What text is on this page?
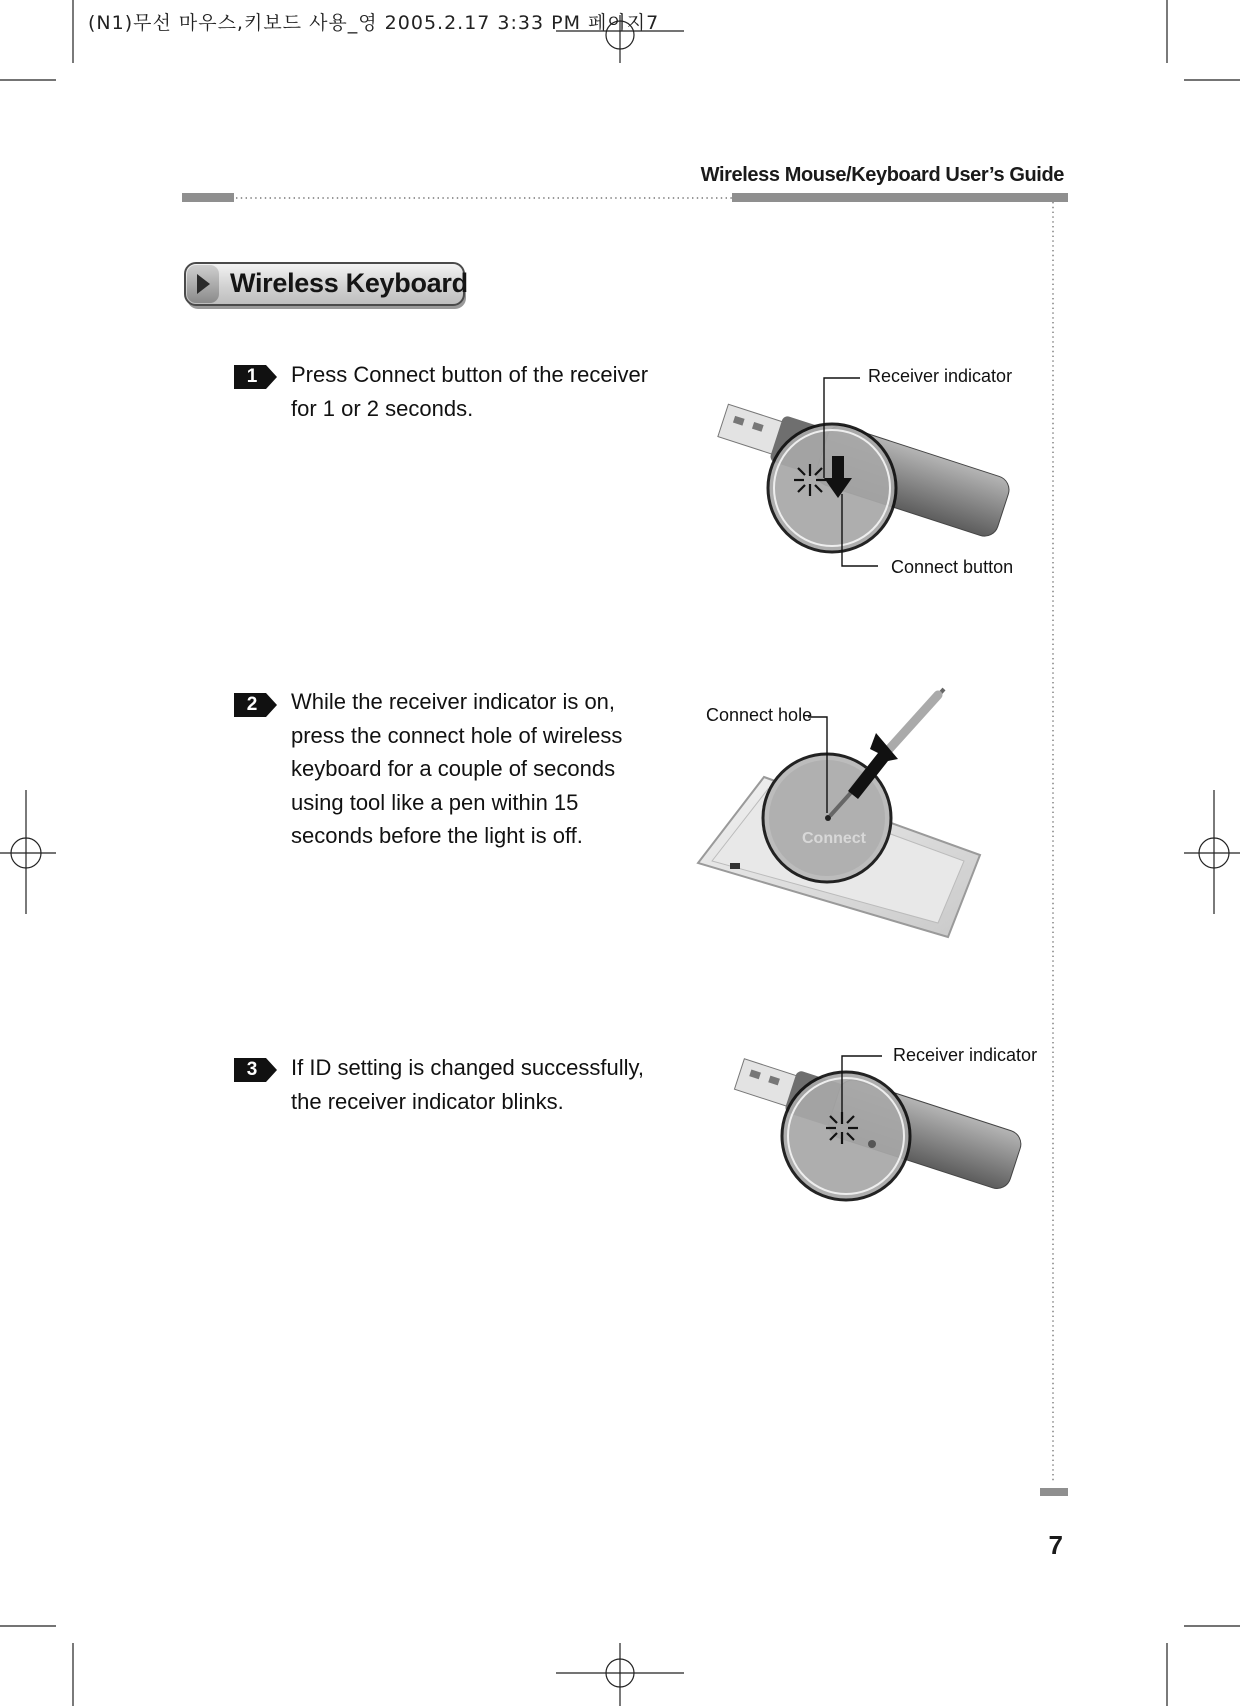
(N1)무선 마우스,키보드 사용_영 2005.2.17 3:33 PM 페이지7
Wireless Mouse/Keyboard User’s Guide
Wireless Keyboard
1
2
3
Press Connect button of the receiver for 1 or 2 seconds.
While the receiver indicator is on, press the connect hole of wireless keyboard for a couple of seconds using tool like a pen within 15 seconds before the light is off.
If ID setting is changed successfully, the receiver indicator blinks.
Receiver indicator
Connect button
Connect
Connect hole
Receiver indicator
7
